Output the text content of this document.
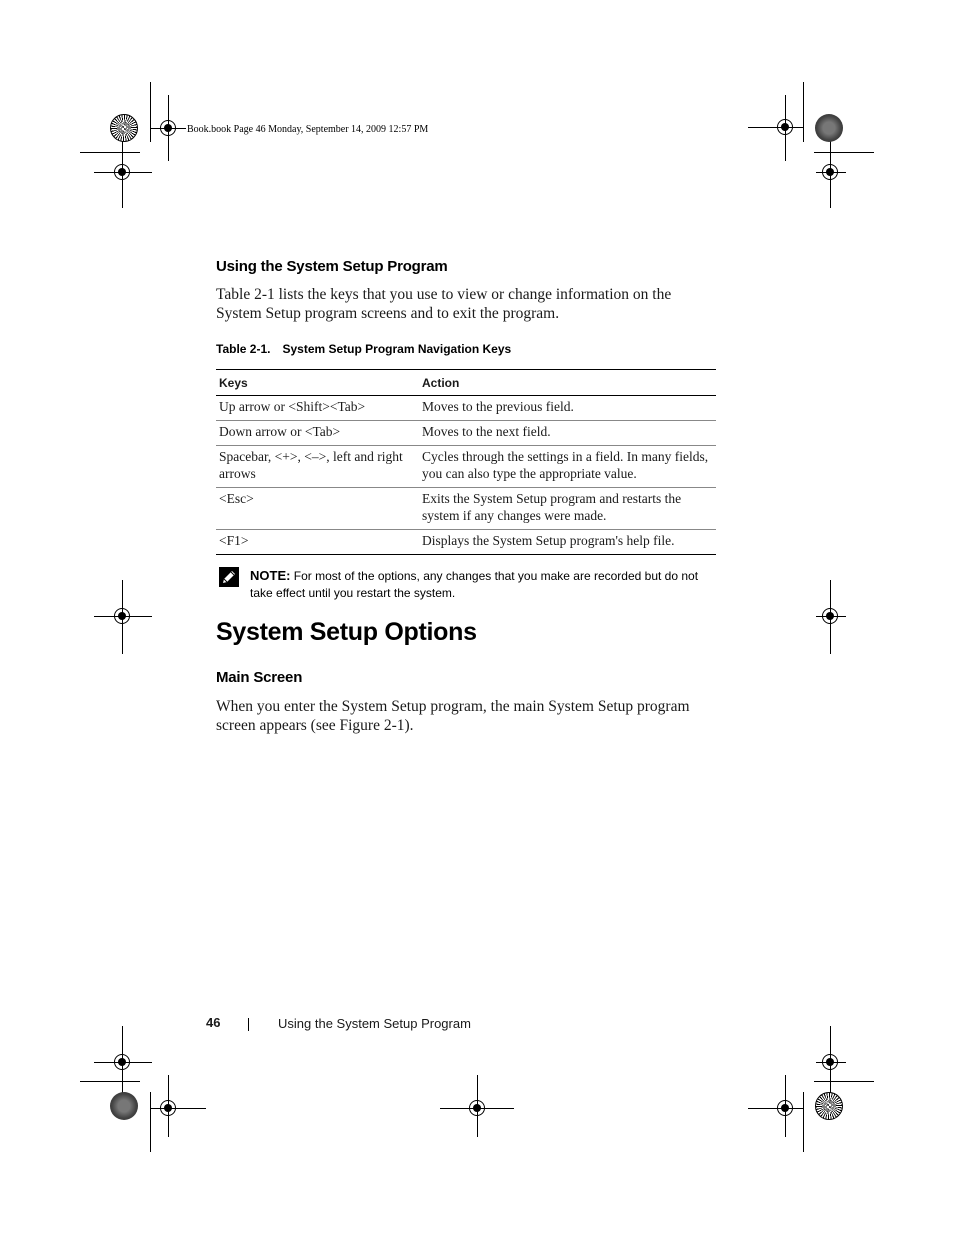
Book.book Page 46 Monday, September 14, 2009 12:57 PM
Using the System Setup Program

Table 2-1 lists the keys that you use to view or change information on the System Setup program screens and to exit the program.

Table 2-1. System Setup Program Navigation Keys
Keys	Action
Up arrow or <Shift><Tab>	Moves to the previous field.
Down arrow or <Tab>	Moves to the next field.
Spacebar, <+>, <–>, left and right arrows	Cycles through the settings in a field. In many fields, you can also type the appropriate value.
<Esc>	Exits the System Setup program and restarts the system if any changes were made.
<F1>	Displays the System Setup program's help file.
NOTE: For most of the options, any changes that you make are recorded but do not take effect until you restart the system.
System Setup Options
Main Screen

When you enter the System Setup program, the main System Setup program screen appears (see Figure 2-1).

46	Using the System Setup Program
